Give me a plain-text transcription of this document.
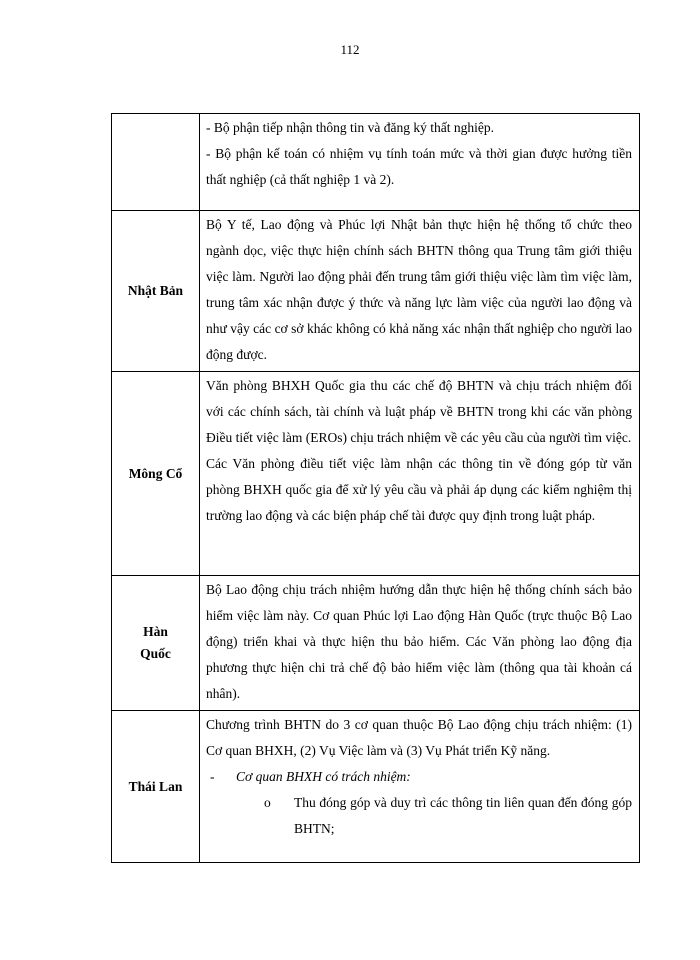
112

	- Bộ phận tiếp nhận thông tin và đăng ký thất nghiệp.

- Bộ phận kế toán có nhiệm vụ tính toán mức và thời gian được hưởng tiền thất nghiệp (cả thất nghiệp 1 và 2).

Nhật Bản	Bộ Y tế, Lao động và Phúc lợi Nhật bản thực hiện hệ thống tổ chức theo ngành dọc, việc thực hiện chính sách BHTN thông qua Trung tâm giới thiệu việc làm. Người lao động phải đến trung tâm giới thiệu việc làm tìm việc làm, trung tâm xác nhận được ý thức và năng lực làm việc của người lao động và như vậy các cơ sở khác không có khả năng xác nhận thất nghiệp cho người lao động được.

Mông Cổ	Văn phòng BHXH Quốc gia thu các chế độ BHTN và chịu trách nhiệm đối với các chính sách, tài chính và luật pháp về BHTN trong khi các văn phòng Điều tiết việc làm (EROs) chịu trách nhiệm về các yêu cầu của người tìm việc.

Các Văn phòng điều tiết việc làm nhận các thông tin về đóng góp từ văn phòng BHXH quốc gia để xử lý yêu cầu và phải áp dụng các kiểm nghiệm thị trường lao động và các biện pháp chế tài được quy định trong luật pháp.

Hàn
Quốc	Bộ Lao động chịu trách nhiệm hướng dẫn thực hiện hệ thống chính sách bảo hiểm việc làm này. Cơ quan Phúc lợi Lao động Hàn Quốc (trực thuộc Bộ Lao động) triển khai và thực hiện thu bảo hiểm. Các Văn phòng lao động địa phương thực hiện chi trả chế độ bảo hiểm việc làm (thông qua tài khoản cá nhân).

Thái Lan	Chương trình BHTN do 3 cơ quan thuộc Bộ Lao động chịu trách nhiệm: (1) Cơ quan BHXH, (2) Vụ Việc làm và (3) Vụ Phát triển Kỹ năng.

- Cơ quan BHXH có trách nhiệm:

o Thu đóng góp và duy trì các thông tin liên quan đến đóng góp BHTN;
